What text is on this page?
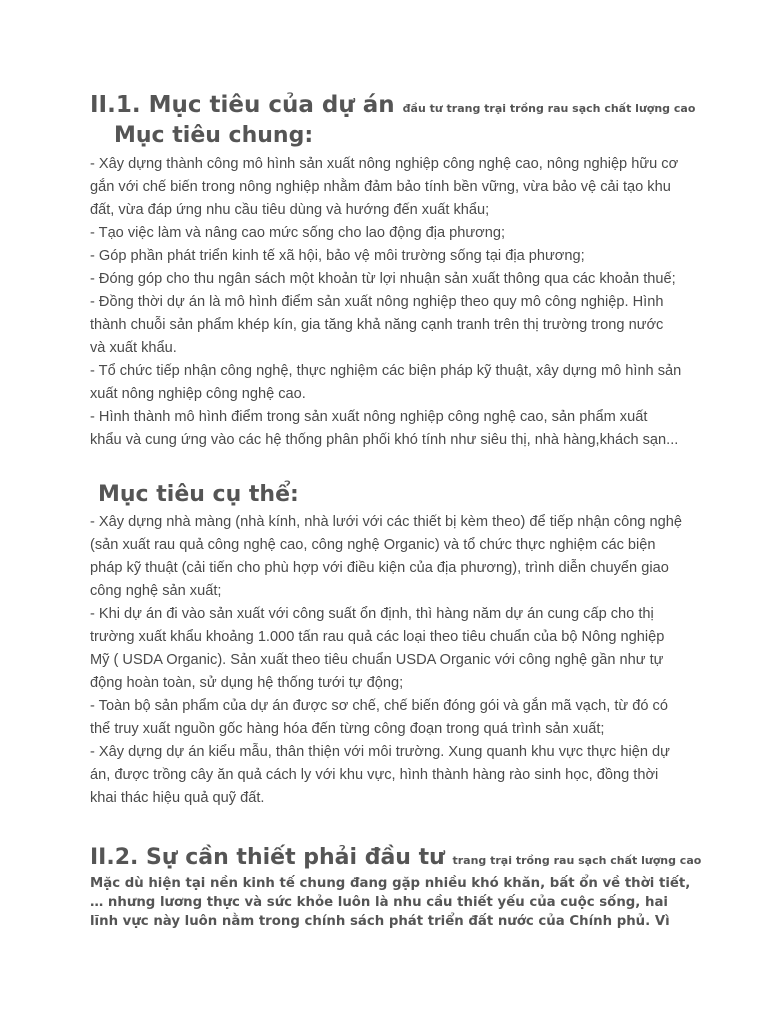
II.1. Mục tiêu của dự án đầu tư trang trại trồng rau sạch chất lượng cao
Mục tiêu chung:
- Xây dựng thành công mô hình sản xuất nông nghiệp công nghệ cao, nông nghiệp hữu cơ
gắn với chế biến trong nông nghiệp nhằm đảm bảo tính bền vững, vừa bảo vệ cải tạo khu
đất, vừa đáp ứng nhu cầu tiêu dùng và hướng đến xuất khẩu;
- Tạo việc làm và nâng cao mức sống cho lao động địa phương;
- Góp phần phát triển kinh tế xã hội, bảo vệ môi trường sống tại địa phương;
- Đóng góp cho thu ngân sách một khoản từ lợi nhuận sản xuất thông qua các khoản thuế;
- Đồng thời dự án là mô hình điểm sản xuất nông nghiệp theo quy mô công nghiệp. Hình
thành chuỗi sản phẩm khép kín, gia tăng khả năng cạnh tranh trên thị trường trong nước
và xuất khẩu.
- Tổ chức tiếp nhận công nghệ, thực nghiệm các biện pháp kỹ thuật, xây dựng mô hình sản
xuất nông nghiệp công nghệ cao.
- Hình thành mô hình điểm trong sản xuất nông nghiệp công nghệ cao, sản phẩm xuất
khẩu và cung ứng vào các hệ thống phân phối khó tính như siêu thị, nhà hàng,khách sạn...
Mục tiêu cụ thể:
- Xây dựng nhà màng (nhà kính, nhà lưới với các thiết bị kèm theo) để tiếp nhận công nghệ
(sản xuất rau quả công nghệ cao, công nghệ Organic) và tổ chức thực nghiệm các biện
pháp kỹ thuật (cải tiến cho phù hợp với điều kiện của địa phương), trình diễn chuyển giao
công nghệ sản xuất;
- Khi dự án đi vào sản xuất với công suất ổn định, thì hàng năm dự án cung cấp cho thị
trường xuất khẩu khoảng 1.000 tấn rau quả các loại theo tiêu chuẩn của bộ Nông nghiệp
Mỹ ( USDA Organic). Sản xuất theo tiêu chuẩn USDA Organic với công nghệ gần như tự
động hoàn toàn, sử dụng hệ thống tưới tự động;
- Toàn bộ sản phẩm của dự án được sơ chế, chế biến đóng gói và gắn mã vạch, từ đó có
thể truy xuất nguồn gốc hàng hóa đến từng công đoạn trong quá trình sản xuất;
- Xây dựng dự án kiểu mẫu, thân thiện với môi trường. Xung quanh khu vực thực hiện dự
án, được trồng cây ăn quả cách ly với khu vực, hình thành hàng rào sinh học, đồng thời
khai thác hiệu quả quỹ đất.
II.2. Sự cần thiết phải đầu tư trang trại trồng rau sạch chất lượng cao
Mặc dù hiện tại nền kinh tế chung đang gặp nhiều khó khăn, bất ổn về thời tiết,
… nhưng lương thực và sức khỏe luôn là nhu cầu thiết yếu của cuộc sống, hai
lĩnh vực này luôn nằm trong chính sách phát triển đất nước của Chính phủ. Vì
